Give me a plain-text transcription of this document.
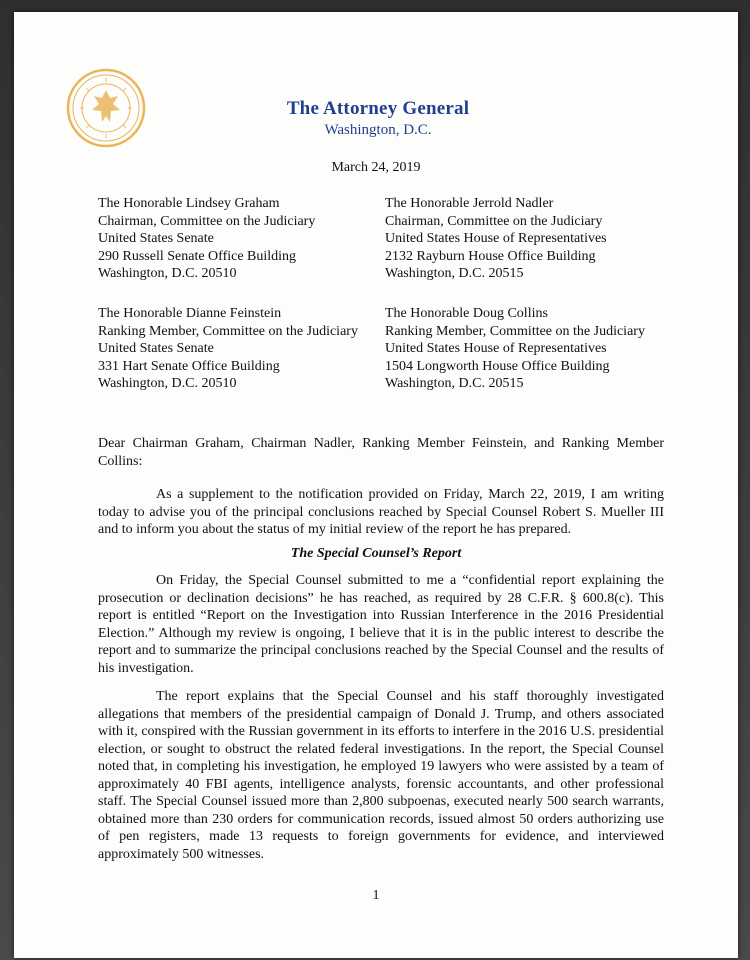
The Attorney General
Washington, D.C.
March 24, 2019
The Honorable Lindsey Graham
Chairman, Committee on the Judiciary
United States Senate
290 Russell Senate Office Building
Washington, D.C. 20510
The Honorable Jerrold Nadler
Chairman, Committee on the Judiciary
United States House of Representatives
2132 Rayburn House Office Building
Washington, D.C. 20515
The Honorable Dianne Feinstein
Ranking Member, Committee on the Judiciary
United States Senate
331 Hart Senate Office Building
Washington, D.C. 20510
The Honorable Doug Collins
Ranking Member, Committee on the Judiciary
United States House of Representatives
1504 Longworth House Office Building
Washington, D.C. 20515
Dear Chairman Graham, Chairman Nadler, Ranking Member Feinstein, and Ranking Member Collins:
As a supplement to the notification provided on Friday, March 22, 2019, I am writing today to advise you of the principal conclusions reached by Special Counsel Robert S. Mueller III and to inform you about the status of my initial review of the report he has prepared.
The Special Counsel’s Report
On Friday, the Special Counsel submitted to me a “confidential report explaining the prosecution or declination decisions” he has reached, as required by 28 C.F.R. § 600.8(c). This report is entitled “Report on the Investigation into Russian Interference in the 2016 Presidential Election.” Although my review is ongoing, I believe that it is in the public interest to describe the report and to summarize the principal conclusions reached by the Special Counsel and the results of his investigation.
The report explains that the Special Counsel and his staff thoroughly investigated allegations that members of the presidential campaign of Donald J. Trump, and others associated with it, conspired with the Russian government in its efforts to interfere in the 2016 U.S. presidential election, or sought to obstruct the related federal investigations. In the report, the Special Counsel noted that, in completing his investigation, he employed 19 lawyers who were assisted by a team of approximately 40 FBI agents, intelligence analysts, forensic accountants, and other professional staff. The Special Counsel issued more than 2,800 subpoenas, executed nearly 500 search warrants, obtained more than 230 orders for communication records, issued almost 50 orders authorizing use of pen registers, made 13 requests to foreign governments for evidence, and interviewed approximately 500 witnesses.
1
